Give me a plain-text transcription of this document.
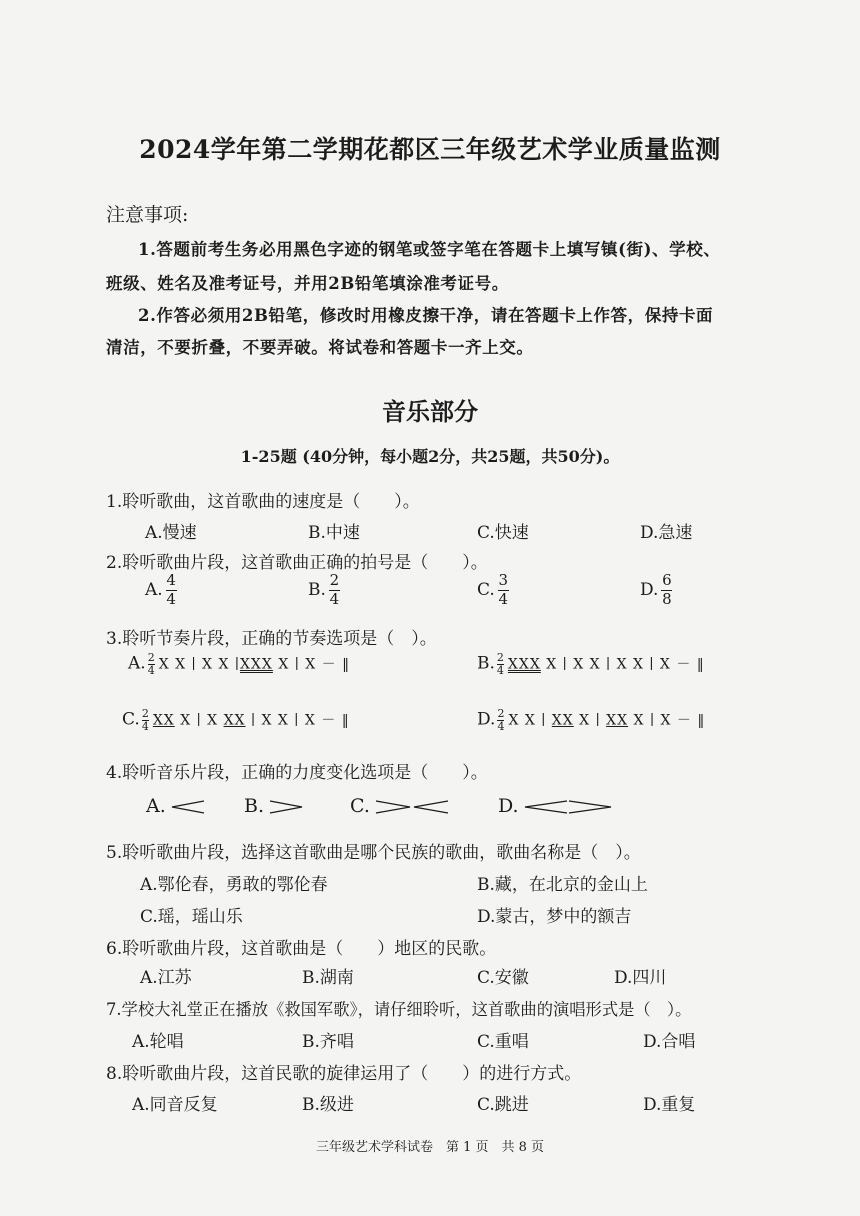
2024学年第二学期花都区三年级艺术学业质量监测
注意事项:
1.答题前考生务必用黑色字迹的钢笔或签字笔在答题卡上填写镇(街)、学校、
班级、姓名及准考证号，并用2B铅笔填涂准考证号。
2.作答必须用2B铅笔，修改时用橡皮擦干净，请在答题卡上作答，保持卡面
清洁，不要折叠，不要弄破。将试卷和答题卡一齐上交。
音乐部分
1-25题 (40分钟，每小题2分，共25题，共50分)。
1.聆听歌曲，这首歌曲的速度是（　　）。
A.慢速	B.中速	C.快速	D.急速
2.聆听歌曲片段，这首歌曲正确的拍号是（　　）。
A. $\frac{4}{4}$	B. $\frac{2}{4}$	C. $\frac{3}{4}$	D. $\frac{6}{8}$
3.聆听节奏片段，正确的节奏选项是（　）。
A. $\frac{2}{4}$ X X ∣ X X ∣XXX X ∣ X － ‖	B. $\frac{2}{4}$ XXX X ∣ X X ∣ X X ∣ X － ‖
C. $\frac{2}{4}$ XX X ∣ X XX ∣ X X ∣ X － ‖	D. $\frac{2}{4}$ X X ∣ XX X ∣ XX X ∣ X － ‖
4.聆听音乐片段，正确的力度变化选项是（　　）。
A.	B.	C.	D.
5.聆听歌曲片段，选择这首歌曲是哪个民族的歌曲，歌曲名称是（　）。
A.鄂伦春，勇敢的鄂伦春	B.藏，在北京的金山上
C.瑶，瑶山乐	D.蒙古，梦中的额吉
6.聆听歌曲片段，这首歌曲是（　　）地区的民歌。
A.江苏	B.湖南	C.安徽	D.四川
7.学校大礼堂正在播放《救国军歌》，请仔细聆听，这首歌曲的演唱形式是（　）。
A.轮唱	B.齐唱	C.重唱	D.合唱
8.聆听歌曲片段，这首民歌的旋律运用了（　　）的进行方式。
A.同音反复	B.级进	C.跳进	D.重复
三年级艺术学科试卷　第 1 页　共 8 页
